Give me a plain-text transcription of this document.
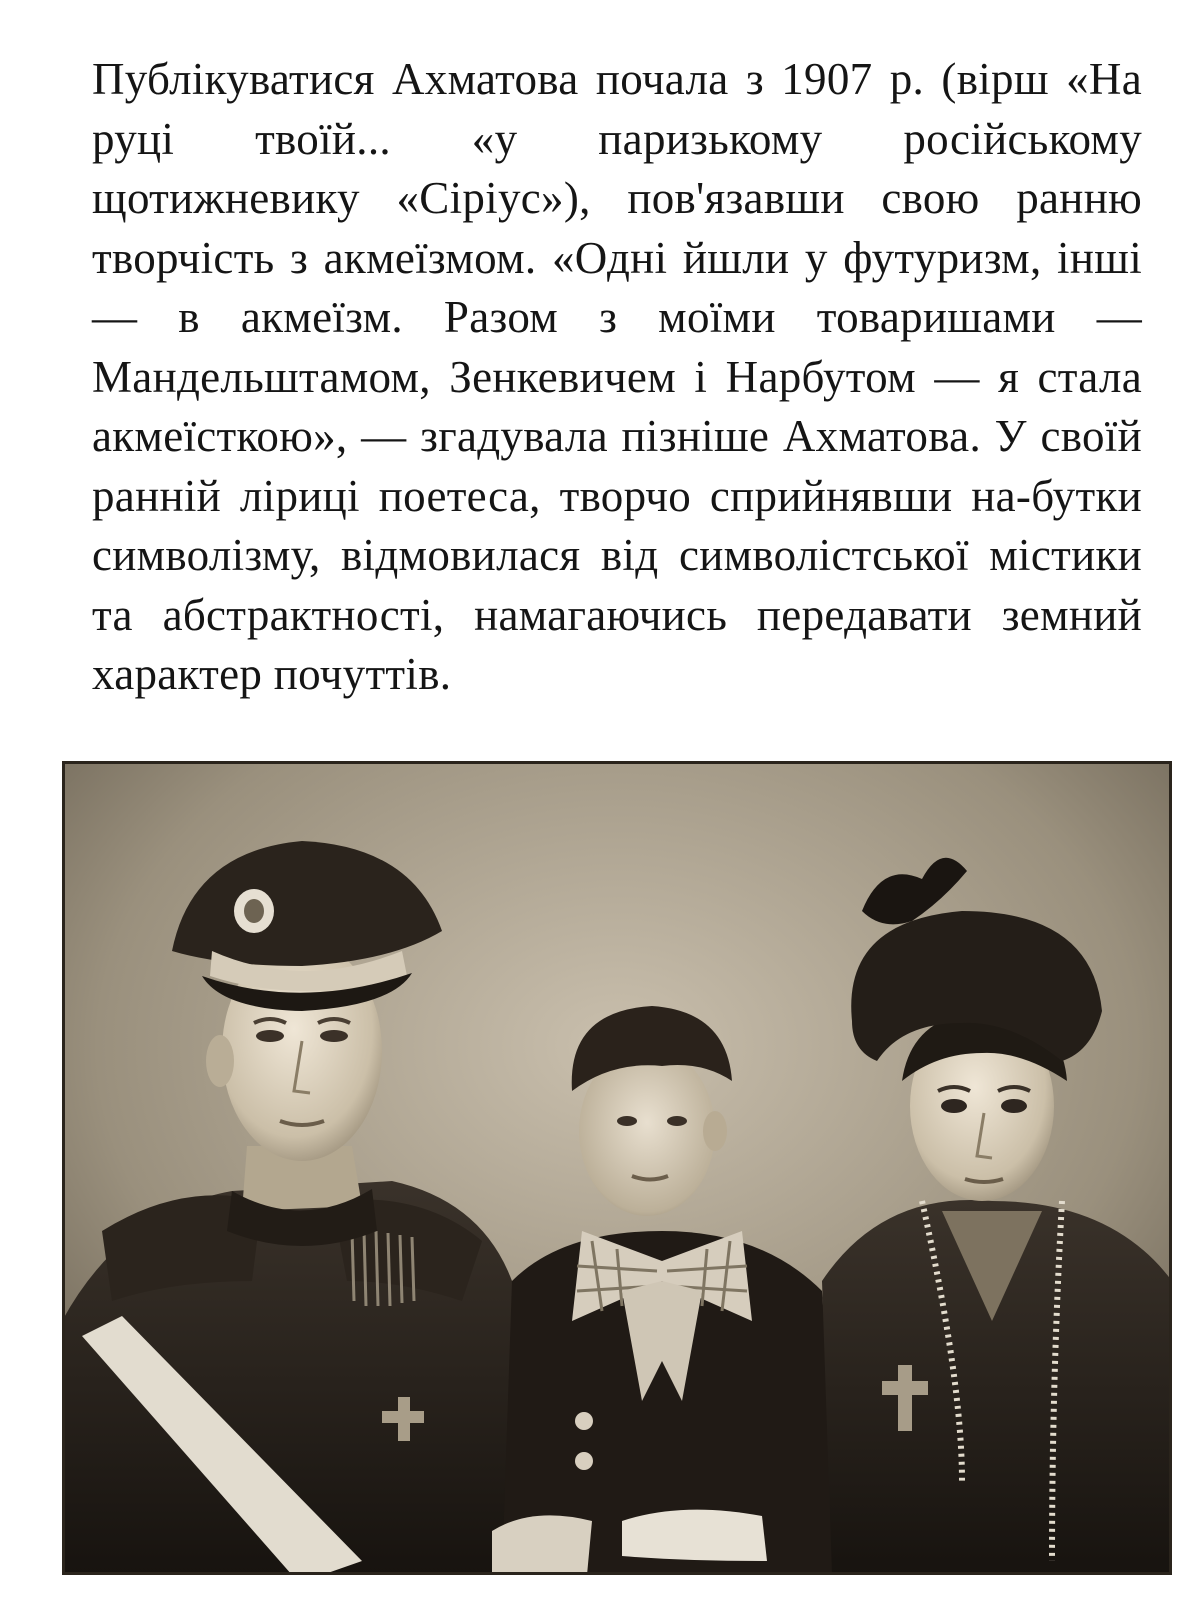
Публікуватися Ахматова почала з 1907 р. (вірш «На руці твоїй... «у паризькому російському щотижневику «Сіріус»), пов'язавши свою ранню творчість з акмеїзмом. «Одні йшли у футуризм, інші — в акмеїзм. Разом з моїми товаришами — Мандельштамом, Зенкевичем і Нарбутом — я стала акмеїсткою», — згадувала пізніше Ахматова. У своїй ранній ліриці поетеса, творчо сприйнявши на-бутки символізму, відмовилася від символістської містики та абстрактності, намагаючись передавати земний характер почуттів.
